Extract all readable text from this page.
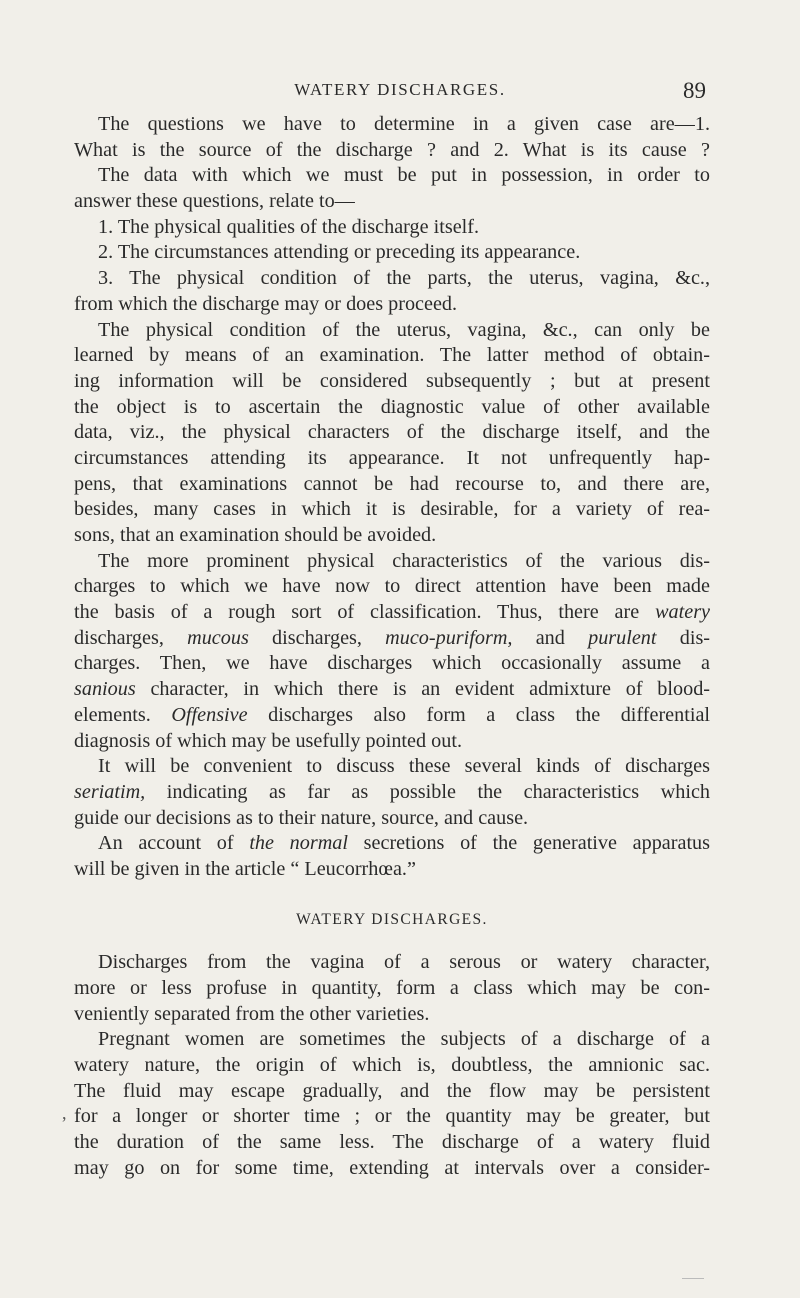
WATERY DISCHARGES.	89
The questions we have to determine in a given case are—1.
What is the source of the discharge ? and 2. What is its cause ?
The data with which we must be put in possession, in order to
answer these questions, relate to—
1. The physical qualities of the discharge itself.
2. The circumstances attending or preceding its appearance.
3. The physical condition of the parts, the uterus, vagina, &c.,
from which the discharge may or does proceed.
The physical condition of the uterus, vagina, &c., can only be
learned by means of an examination. The latter method of obtain-
ing information will be considered subsequently ; but at present
the object is to ascertain the diagnostic value of other available
data, viz., the physical characters of the discharge itself, and the
circumstances attending its appearance. It not unfrequently hap-
pens, that examinations cannot be had recourse to, and there are,
besides, many cases in which it is desirable, for a variety of rea-
sons, that an examination should be avoided.
The more prominent physical characteristics of the various dis-
charges to which we have now to direct attention have been made
the basis of a rough sort of classification. Thus, there are watery
discharges, mucous discharges, muco-puriform, and purulent dis-
charges. Then, we have discharges which occasionally assume a
sanious character, in which there is an evident admixture of blood-
elements. Offensive discharges also form a class the differential
diagnosis of which may be usefully pointed out.
It will be convenient to discuss these several kinds of discharges
seriatim, indicating as far as possible the characteristics which
guide our decisions as to their nature, source, and cause.
An account of the normal secretions of the generative apparatus
will be given in the article “ Leucorrhœa.”
WATERY DISCHARGES.
Discharges from the vagina of a serous or watery character,
more or less profuse in quantity, form a class which may be con-
veniently separated from the other varieties.
Pregnant women are sometimes the subjects of a discharge of a
watery nature, the origin of which is, doubtless, the amnionic sac.
The fluid may escape gradually, and the flow may be persistent
for a longer or shorter time ; or the quantity may be greater, but
the duration of the same less. The discharge of a watery fluid
may go on for some time, extending at intervals over a consider-
,
